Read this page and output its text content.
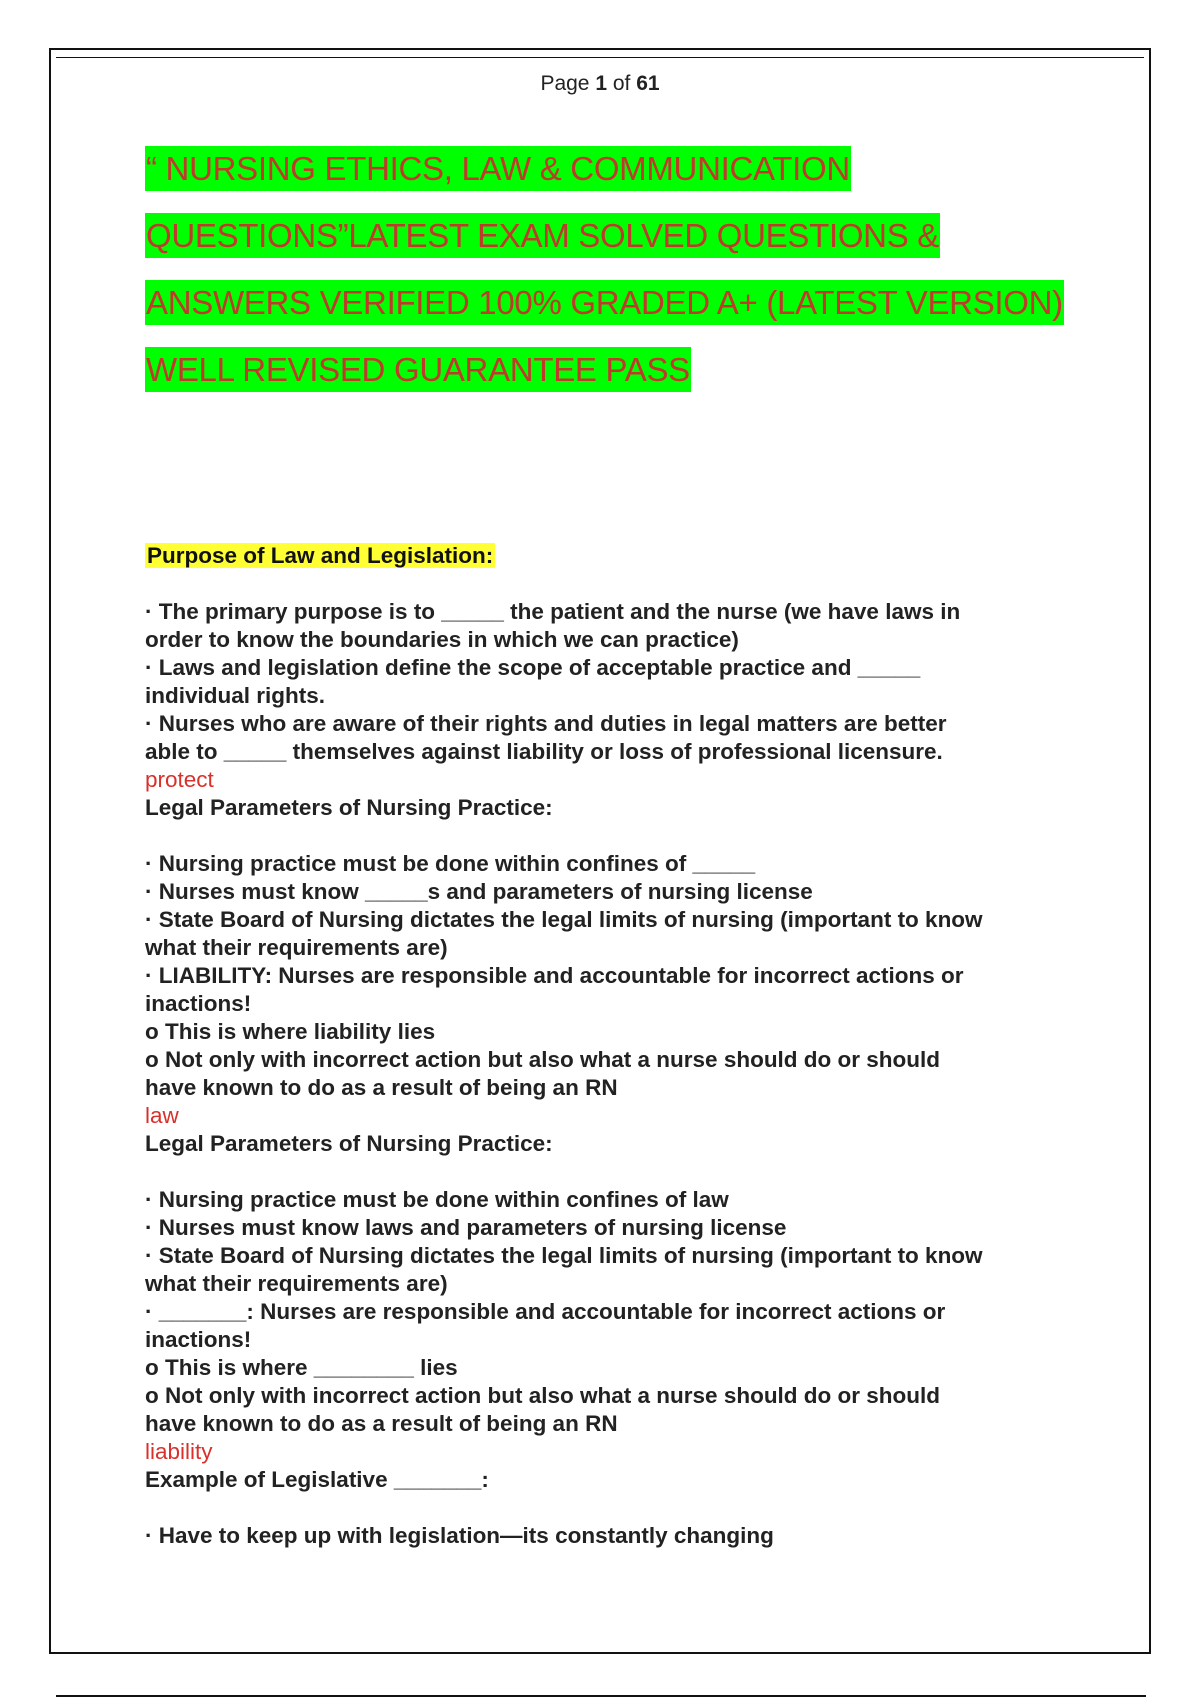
Page 1 of 61
“ NURSING ETHICS, LAW & COMMUNICATION
QUESTIONS”LATEST EXAM SOLVED QUESTIONS &
ANSWERS VERIFIED 100% GRADED A+ (LATEST VERSION)
WELL REVISED GUARANTEE PASS
Purpose of Law and Legislation:
· The primary purpose is to _____ the patient and the nurse (we have laws in
order to know the boundaries in which we can practice)
· Laws and legislation define the scope of acceptable practice and _____
individual rights.
· Nurses who are aware of their rights and duties in legal matters are better
able to _____ themselves against liability or loss of professional licensure.
protect
Legal Parameters of Nursing Practice:
· Nursing practice must be done within confines of _____
· Nurses must know _____s and parameters of nursing license
· State Board of Nursing dictates the legal limits of nursing (important to know
what their requirements are)
· LIABILITY: Nurses are responsible and accountable for incorrect actions or
inactions!
o This is where liability lies
o Not only with incorrect action but also what a nurse should do or should
have known to do as a result of being an RN
law
Legal Parameters of Nursing Practice:
· Nursing practice must be done within confines of law
· Nurses must know laws and parameters of nursing license
· State Board of Nursing dictates the legal limits of nursing (important to know
what their requirements are)
· _______: Nurses are responsible and accountable for incorrect actions or
inactions!
o This is where ________ lies
o Not only with incorrect action but also what a nurse should do or should
have known to do as a result of being an RN
liability
Example of Legislative _______:
· Have to keep up with legislation—its constantly changing
